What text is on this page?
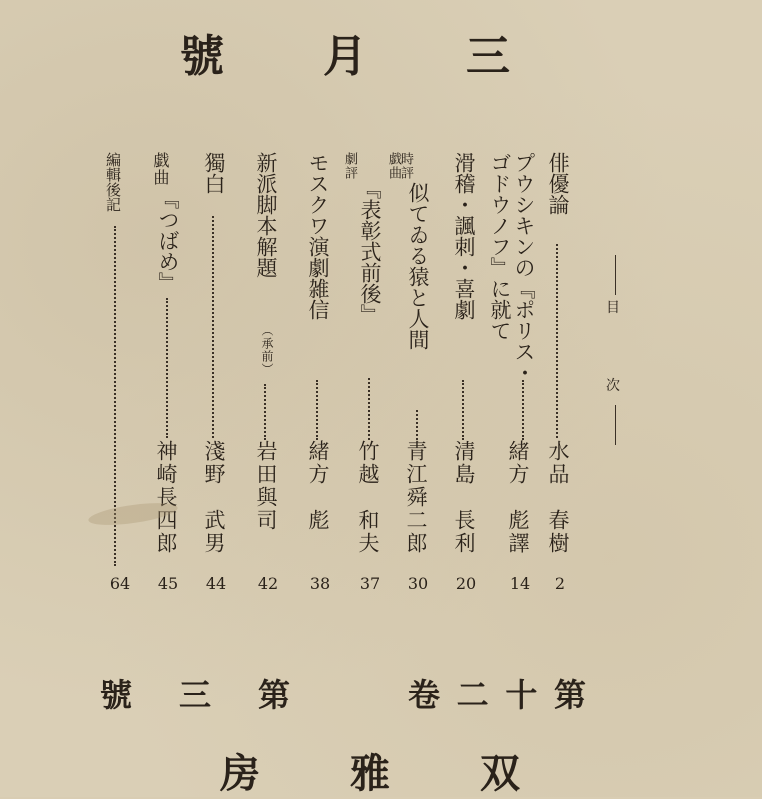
號 月 三
目
次
俳優論
水品　春樹
2
プウシキンの『ポリス・
ゴドウノフ』に就て
緒方　彪譯
14
滑稽・諷刺・喜劇
清島　長利
20
戯曲
時評
似てゐる猿と人間
青江舜二郎
30
劇評
『表彰式前後』
竹越　和夫
37
モスクワ演劇雑信
緒方　彪
38
新派脚本解題
（承前）
岩田與司
42
獨白
淺野　武男
44
戯曲
『つばめ』
神崎長四郎
45
編輯後記
64
號 三 第	卷 二 十 第
房 雅 双
